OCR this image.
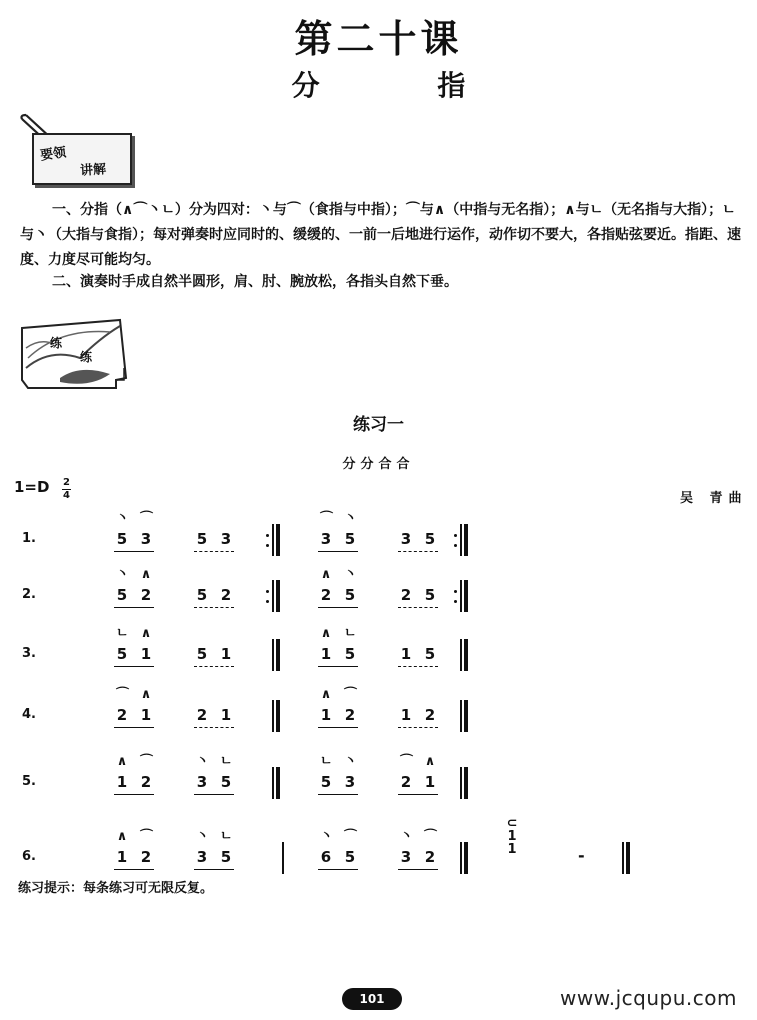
第二十课
分 指
要领
讲解
一、分指（∧⌒丶ㄴ）分为四对：丶与⌒（食指与中指）；⌒与∧（中指与无名指）；∧与ㄴ（无名指与大指）；ㄴ与丶（大指与食指）；每对弹奏时应同时的、缓缓的、一前一后地进行运作，动作切不要大，各指贴弦要近。指距、速度、力度尽可能均匀。
二、演奏时手成自然半圆形，肩、肘、腕放松，各指头自然下垂。
练
练
练习一
分分合合
1=D 2
4	吴 青曲
1.	5
丶
3
⌒
5 3	3
⌒
5
丶
3 5
2.	5
丶
2
∧
5 2	2
∧
5
丶
2 5
3.	5
ㄴ
1
∧
5 1	1
∧
5
ㄴ
1 5
4.	2
⌒
1
∧
2 1	1
∧
2
⌒
1 2
5.	1
∧
2
⌒
3
丶
5
ㄴ
5
ㄴ
3
丶
2
⌒
1
∧
6.	1
∧
2
⌒
3
丶
5
ㄴ
6
丶
5
⌒
3
丶
2
⌒
⊂
1
1	-
练习提示：每条练习可无限反复。
101	www.jcqupu.com
